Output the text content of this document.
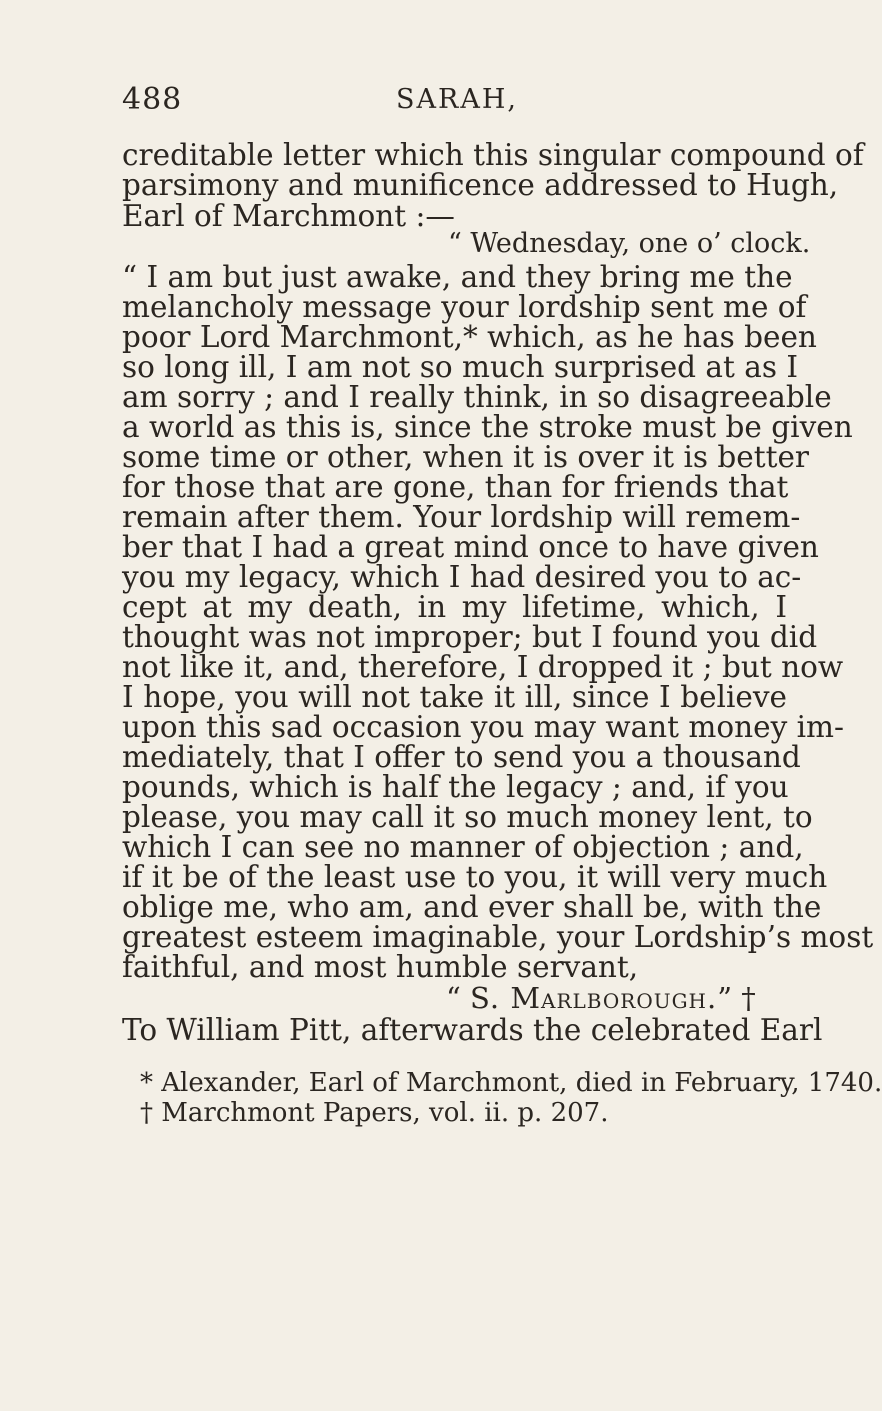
488	SARAH,
creditable letter which this singular compound of
parsimony and munificence addressed to Hugh,
Earl of Marchmont :—
“ Wednesday, one o’ clock.
“ I am but just awake, and they bring me the
melancholy message your lordship sent me of
poor Lord Marchmont,* which, as he has been
so long ill, I am not so much surprised at as I
am sorry ; and I really think, in so disagreeable
a world as this is, since the stroke must be given
some time or other, when it is over it is better
for those that are gone, than for friends that
remain after them. Your lordship will remem-
ber that I had a great mind once to have given
you my legacy, which I had desired you to ac-
cept at my death, in my lifetime, which, I
thought was not improper; but I found you did
not like it, and, therefore, I dropped it ; but now
I hope, you will not take it ill, since I believe
upon this sad occasion you may want money im-
mediately, that I offer to send you a thousand
pounds, which is half the legacy ; and, if you
please, you may call it so much money lent, to
which I can see no manner of objection ; and,
if it be of the least use to you, it will very much
oblige me, who am, and ever shall be, with the
greatest esteem imaginable, your Lordship’s most
faithful, and most humble servant,
“ S. Marlborough.” †
To William Pitt, afterwards the celebrated Earl
* Alexander, Earl of Marchmont, died in February, 1740.
† Marchmont Papers, vol. ii. p. 207.
